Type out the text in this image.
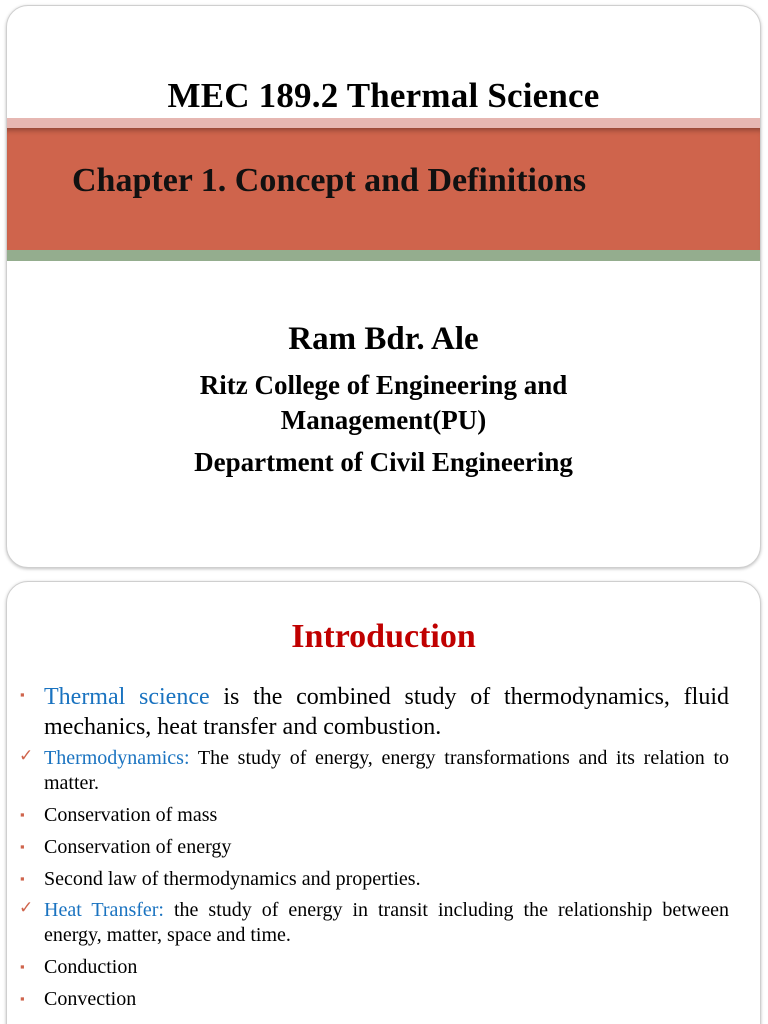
MEC 189.2 Thermal Science
Chapter 1. Concept and Definitions
Ram Bdr. Ale
Ritz College of Engineering and
Management(PU)
Department of Civil Engineering
Introduction
▪ Thermal science is the combined study of thermodynamics, fluid mechanics, heat transfer and combustion.
✓ Thermodynamics: The study of energy, energy transformations and its relation to matter.
▪ Conservation of mass
▪ Conservation of energy
▪ Second law of thermodynamics and properties.
✓ Heat Transfer: the study of energy in transit including the relationship between energy, matter, space and time.
▪ Conduction
▪ Convection
